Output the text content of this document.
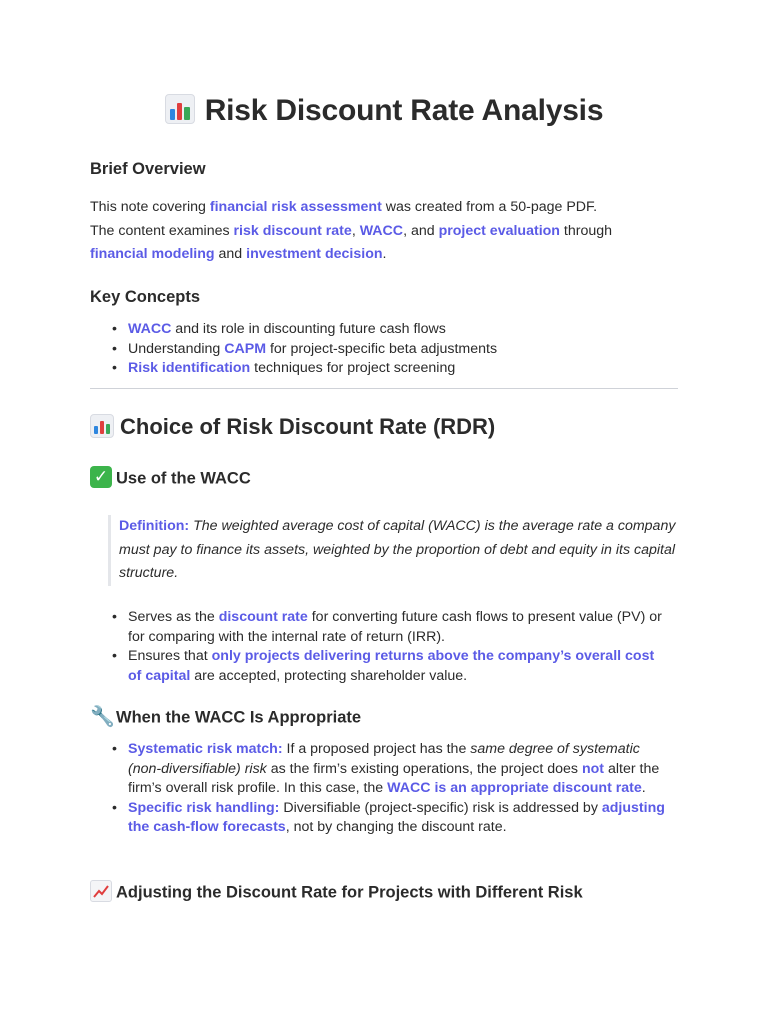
Risk Discount Rate Analysis
Brief Overview

This note covering financial risk assessment was created from a 50-page PDF.
The content examines risk discount rate, WACC, and project evaluation through
financial modeling and investment decision.

Key Concepts
• WACC and its role in discounting future cash flows
• Understanding CAPM for project-specific beta adjustments
• Risk identification techniques for project screening
Choice of Risk Discount Rate (RDR)
✓ Use of the WACC
Definition: The weighted average cost of capital (WACC) is the average rate a company must pay to finance its assets, weighted by the proportion of debt and equity in its capital structure.
• Serves as the discount rate for converting future cash flows to present value (PV) or for comparing with the internal rate of return (IRR).
• Ensures that only projects delivering returns above the company’s overall cost of capital are accepted, protecting shareholder value.
🔧When the WACC Is Appropriate
• Systematic risk match: If a proposed project has the same degree of systematic (non-diversifiable) risk as the firm’s existing operations, the project does not alter the firm’s overall risk profile. In this case, the WACC is an appropriate discount rate.
• Specific risk handling: Diversifiable (project-specific) risk is addressed by adjusting the cash-flow forecasts, not by changing the discount rate.
Adjusting the Discount Rate for Projects with Different Risk
